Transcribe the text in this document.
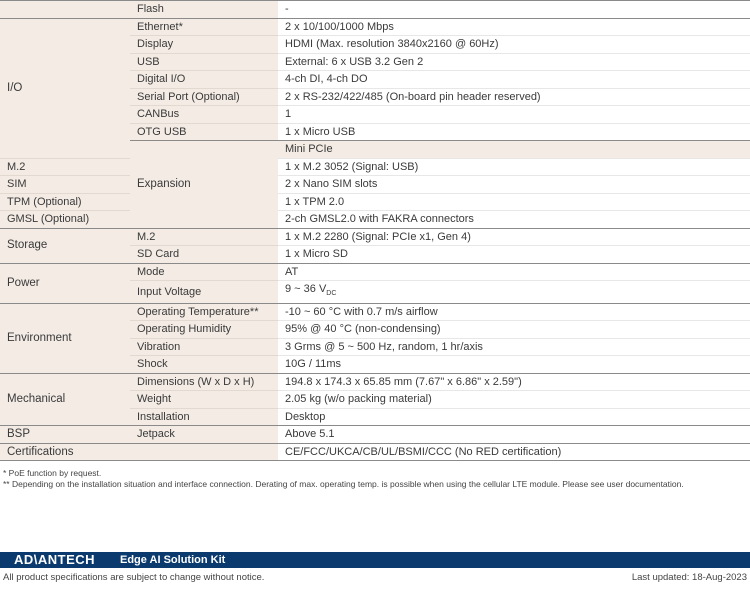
	Flash	-	
I/O	Ethernet*	2 x 10/100/1000 Mbps	
	Display	HDMI (Max. resolution 3840x2160 @ 60Hz)	
	USB	External: 6 x USB 3.2 Gen 2	
	Digital I/O	4-ch DI, 4-ch DO	
	Serial Port (Optional)	2 x RS-232/422/485 (On-board pin header reserved)	
	CANBus	1	
	OTG USB	1 x Micro USB	
	Expansion	Mini PCIe	
M.2		1 x M.2 3052 (Signal: USB)	
SIM		2 x Nano SIM slots	
TPM (Optional)		1 x TPM 2.0	
GMSL (Optional)		2-ch GMSL2.0 with FAKRA connectors	
Storage	M.2	1 x M.2 2280 (Signal: PCIe x1, Gen 4)	
	SD Card	1 x Micro SD	
Power	Mode	AT	
	Input Voltage	9 ~ 36 $V_{DC}$
Environment	Operating Temperature**	-10 ~ 60 °C with 0.7 m/s airflow	
	Operating Humidity	95% @ 40 °C (non-condensing)	
	Vibration	3 Grms @ 5 ~ 500 Hz, random, 1 hr/axis	
	Shock	10G / 11ms	
Mechanical	Dimensions (W x D x H)	194.8 x 174.3 x 65.85 mm (7.67" x 6.86" x 2.59")	
	Weight	2.05 kg (w/o packing material)	
	Installation	Desktop	
BSP	Jetpack	Above 5.1	
Certifications		CE/FCC/UKCA/CB/UL/BSMI/CCC (No RED certification)	
* PoE function by request.
** Depending on the installation situation and interface connection. Derating of max. operating temp. is possible when using the cellular LTE module. Please see user documentation.
AD\ANTECH	Edge AI Solution Kit
All product specifications are subject to change without notice.	Last updated: 18-Aug-2023
